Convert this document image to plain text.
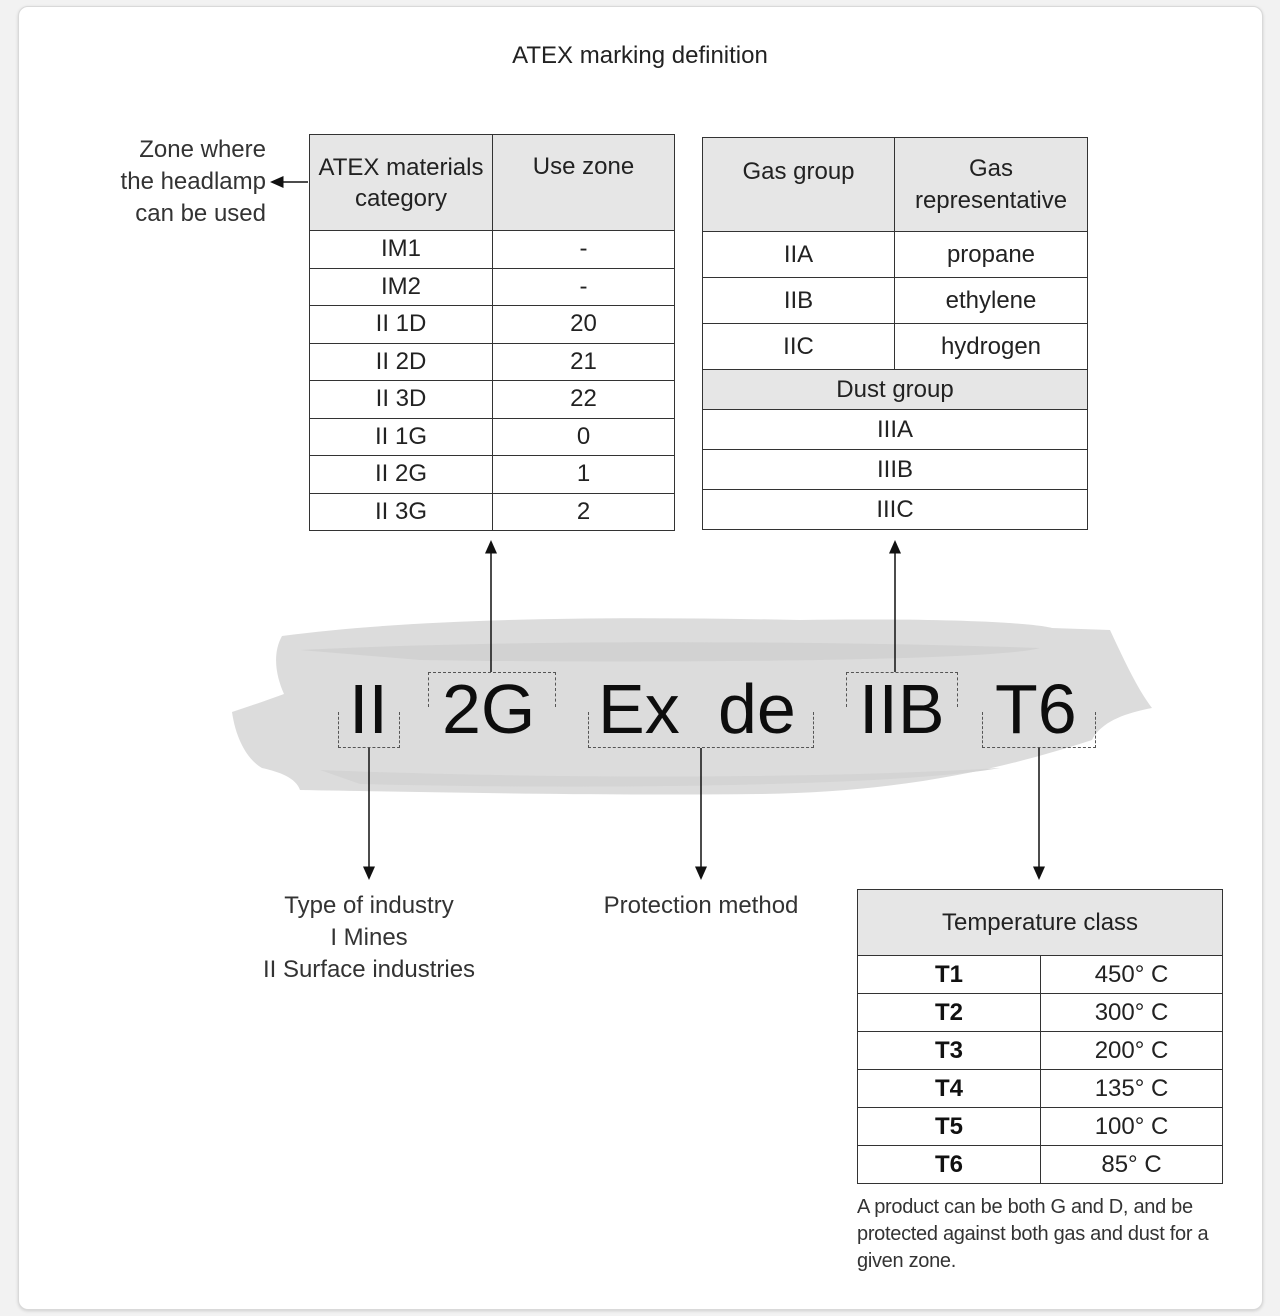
ATEX marking definition
Zone where
the headlamp
can be used
ATEX materials category	Use zone
IM1	-
IM2	-
II 1D	20
II 2D	21
II 3D	22
II 1G	0
II 2G	1
II 3G	2
Gas group	Gas representative
IIA	propane
IIB	ethylene
IIC	hydrogen
Dust group	
IIIA	
IIIB	
IIIC	
II 2G Ex de IIB T6
Type of industry
I Mines
II Surface industries
Protection method
Temperature class	
T1	450° C
T2	300° C
T3	200° C
T4	135° C
T5	100° C
T6	85° C
A product can be both G and D, and be protected against both gas and dust for a given zone.
